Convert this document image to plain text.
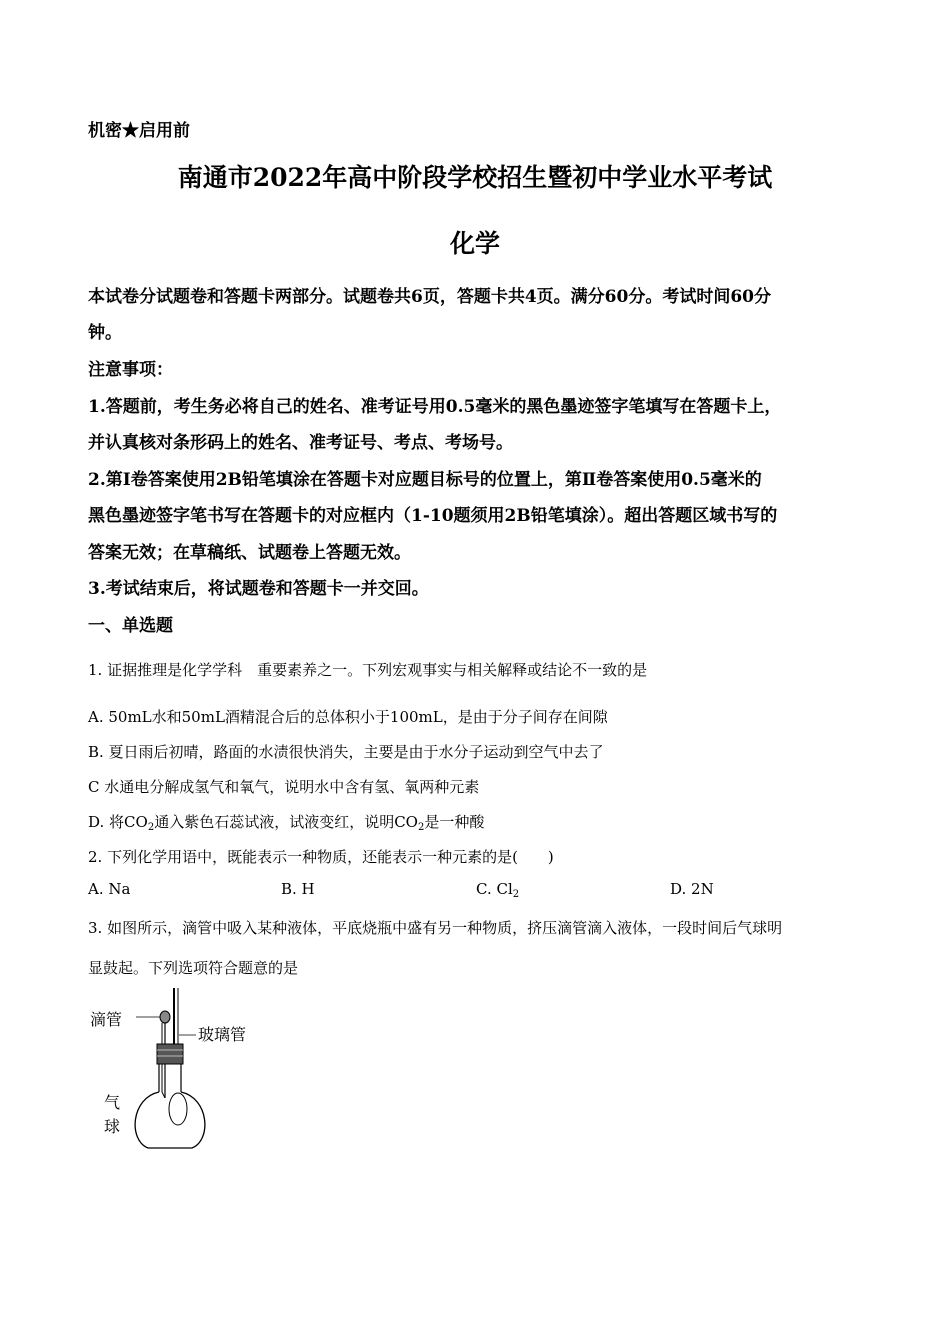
机密★启用前
南通市2022年高中阶段学校招生暨初中学业水平考试
化学
本试卷分试题卷和答题卡两部分。试题卷共6页，答题卡共4页。满分60分。考试时间60分
钟。
注意事项：
1.答题前，考生务必将自己的姓名、准考证号用0.5毫米的黑色墨迹签字笔填写在答题卡上，
并认真核对条形码上的姓名、准考证号、考点、考场号。
2.第Ⅰ卷答案使用2B铅笔填涂在答题卡对应题目标号的位置上，第Ⅱ卷答案使用0.5毫米的
黑色墨迹签字笔书写在答题卡的对应框内（1-10题须用2B铅笔填涂）。超出答题区域书写的
答案无效；在草稿纸、试题卷上答题无效。
3.考试结束后，将试题卷和答题卡一并交回。
一、单选题
1. 证据推理是化学学科　重要素养之一。下列宏观事实与相关解释或结论不一致的是
A. 50mL水和50mL酒精混合后的总体积小于100mL，是由于分子间存在间隙
B. 夏日雨后初晴，路面的水渍很快消失，主要是由于水分子运动到空气中去了
C 水通电分解成氢气和氧气，说明水中含有氢、氧两种元素
D. 将$CO_2$通入紫色石蕊试液，试液变红，说明$CO_2$是一种酸
2. 下列化学用语中，既能表示一种物质，还能表示一种元素的是(　　)
A. Na	B. H	C. $Cl_2$	D. 2N
3. 如图所示，滴管中吸入某种液体，平底烧瓶中盛有另一种物质，挤压滴管滴入液体，一段时间后气球明
显鼓起。下列选项符合题意的是
滴管
玻璃管
气
球
